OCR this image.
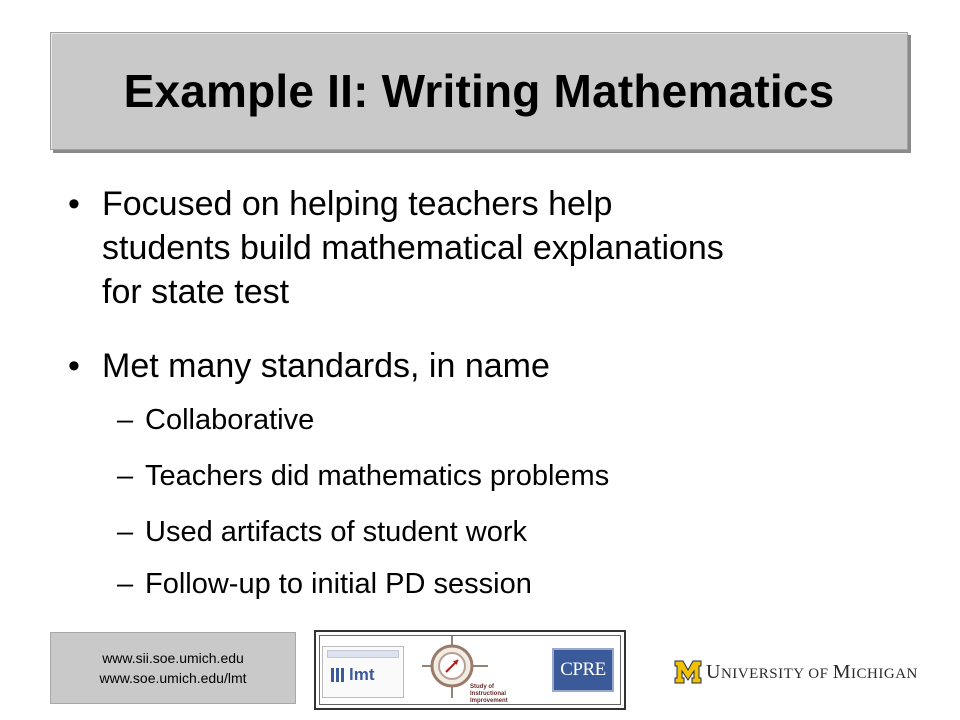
Example II: Writing Mathematics
• Focused on helping teachers help
students build mathematical explanations
for state test
• Met many standards, in name
– Collaborative
– Teachers did mathematics problems
– Used artifacts of student work
– Follow-up to initial PD session
www.sii.soe.umich.edu
www.soe.umich.edu/lmt	lmt
Study of Instructional Improvement
CPRE	UNIVERSITY OF MICHIGAN
